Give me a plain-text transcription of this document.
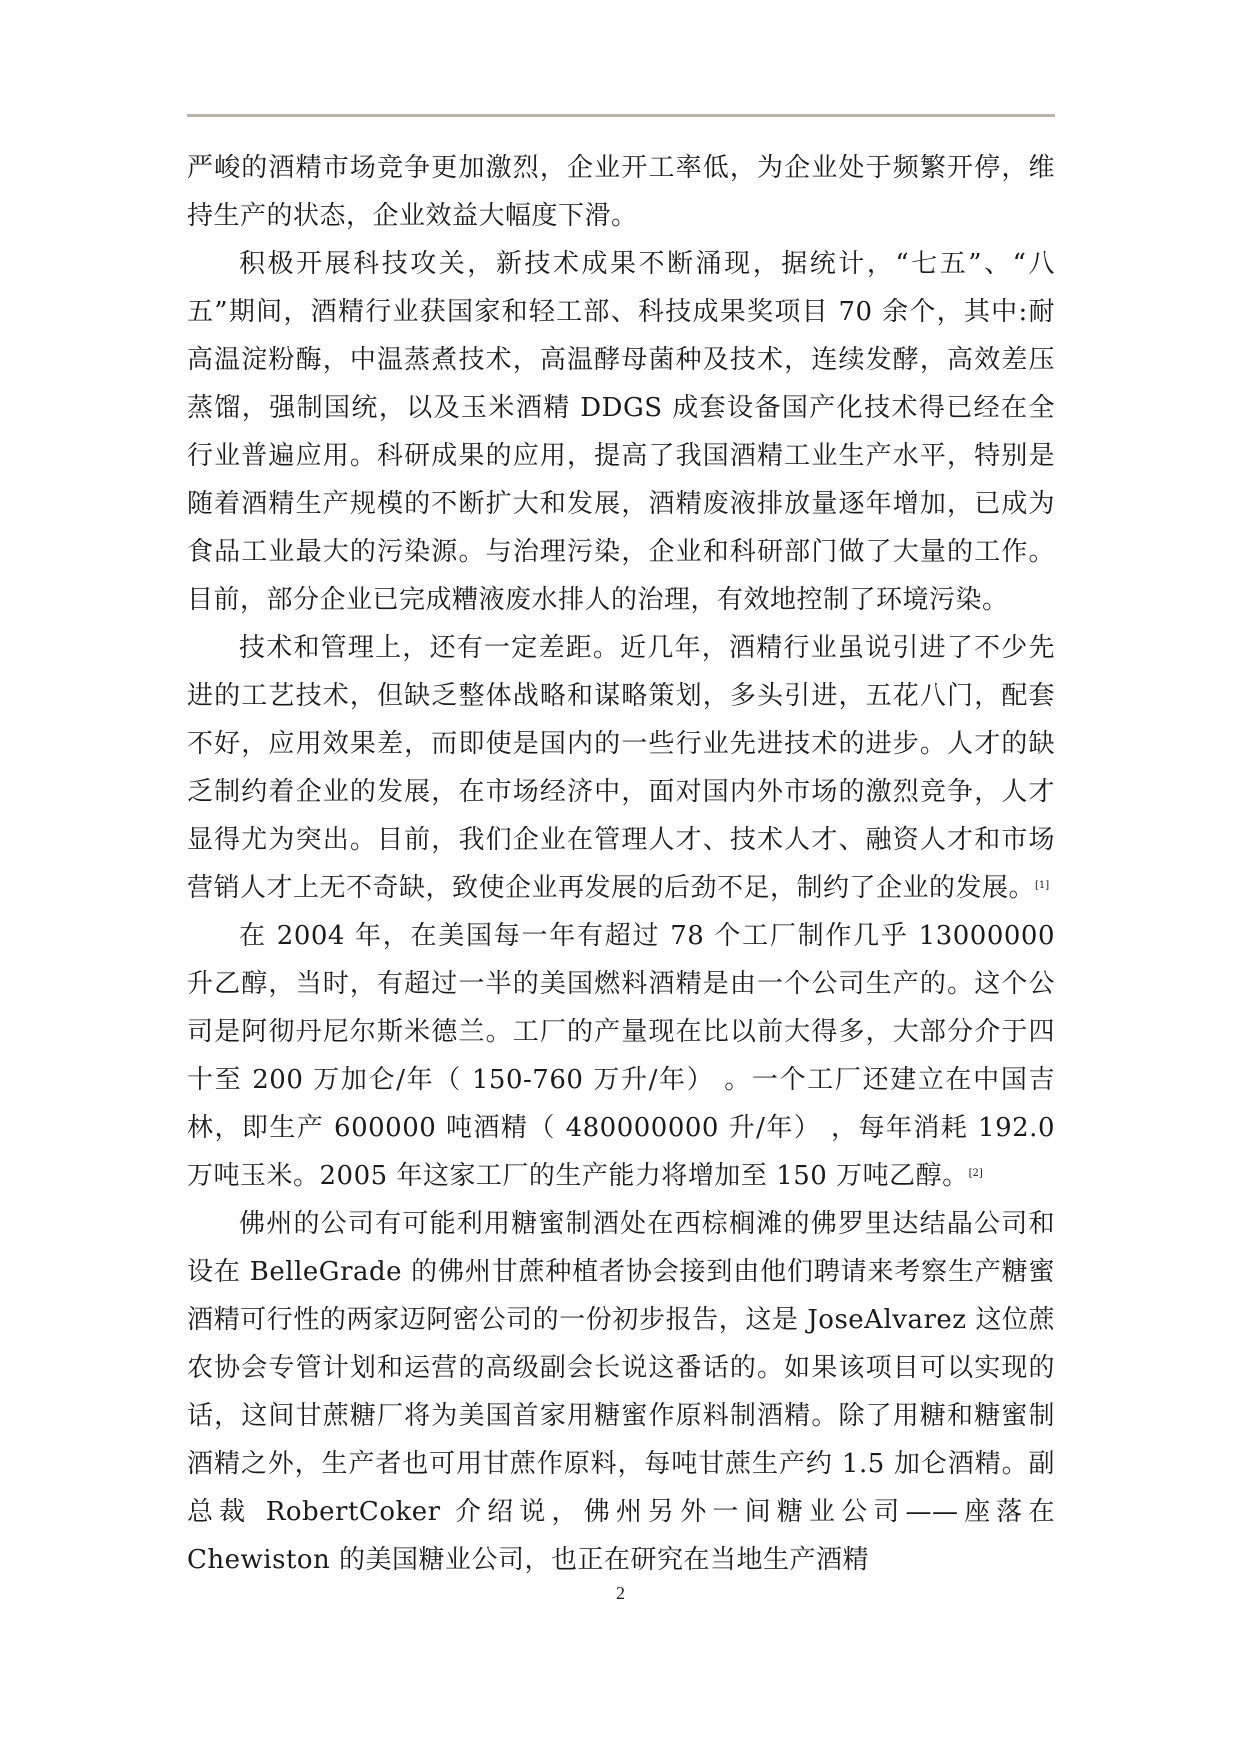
严峻的酒精市场竞争更加激烈，企业开工率低，为企业处于频繁开停，维持生产的状态，企业效益大幅度下滑。

积极开展科技攻关，新技术成果不断涌现，据统计，“七五”、“八五”期间，酒精行业获国家和轻工部、科技成果奖项目 70 余个，其中:耐高温淀粉酶，中温蒸煮技术，高温酵母菌种及技术，连续发酵，高效差压蒸馏，强制国统，以及玉米酒精 DDGS 成套设备国产化技术得已经在全行业普遍应用。科研成果的应用，提高了我国酒精工业生产水平，特别是随着酒精生产规模的不断扩大和发展，酒精废液排放量逐年增加，已成为食品工业最大的污染源。与治理污染，企业和科研部门做了大量的工作。目前，部分企业已完成糟液废水排人的治理，有效地控制了环境污染。

技术和管理上，还有一定差距。近几年，酒精行业虽说引进了不少先进的工艺技术，但缺乏整体战略和谋略策划，多头引进，五花八门，配套不好，应用效果差，而即使是国内的一些行业先进技术的进步。人才的缺乏制约着企业的发展，在市场经济中，面对国内外市场的激烈竞争，人才显得尤为突出。目前，我们企业在管理人才、技术人才、融资人才和市场营销人才上无不奇缺，致使企业再发展的后劲不足，制约了企业的发展。[1]

在 2004 年，在美国每一年有超过 78 个工厂制作几乎 13000000 升乙醇，当时，有超过一半的美国燃料酒精是由一个公司生产的。这个公司是阿彻丹尼尔斯米德兰。工厂的产量现在比以前大得多，大部分介于四十至 200 万加仑/年（ 150-760 万升/年） 。一个工厂还建立在中国吉林，即生产 600000 吨酒精（ 480000000 升/年） ，每年消耗 192.0 万吨玉米。2005 年这家工厂的生产能力将增加至 150 万吨乙醇。[2]

佛州的公司有可能利用糖蜜制酒处在西棕榈滩的佛罗里达结晶公司和设在 BelleGrade 的佛州甘蔗种植者协会接到由他们聘请来考察生产糖蜜酒精可行性的两家迈阿密公司的一份初步报告，这是 JoseAlvarez 这位蔗农协会专管计划和运营的高级副会长说这番话的。如果该项目可以实现的话，这间甘蔗糖厂将为美国首家用糖蜜作原料制酒精。除了用糖和糖蜜制酒精之外，生产者也可用甘蔗作原料，每吨甘蔗生产约 1.5 加仑酒精。副总裁 RobertCoker 介绍说，佛州另外一间糖业公司——座落在 Chewiston 的美国糖业公司，也正在研究在当地生产酒精

2
